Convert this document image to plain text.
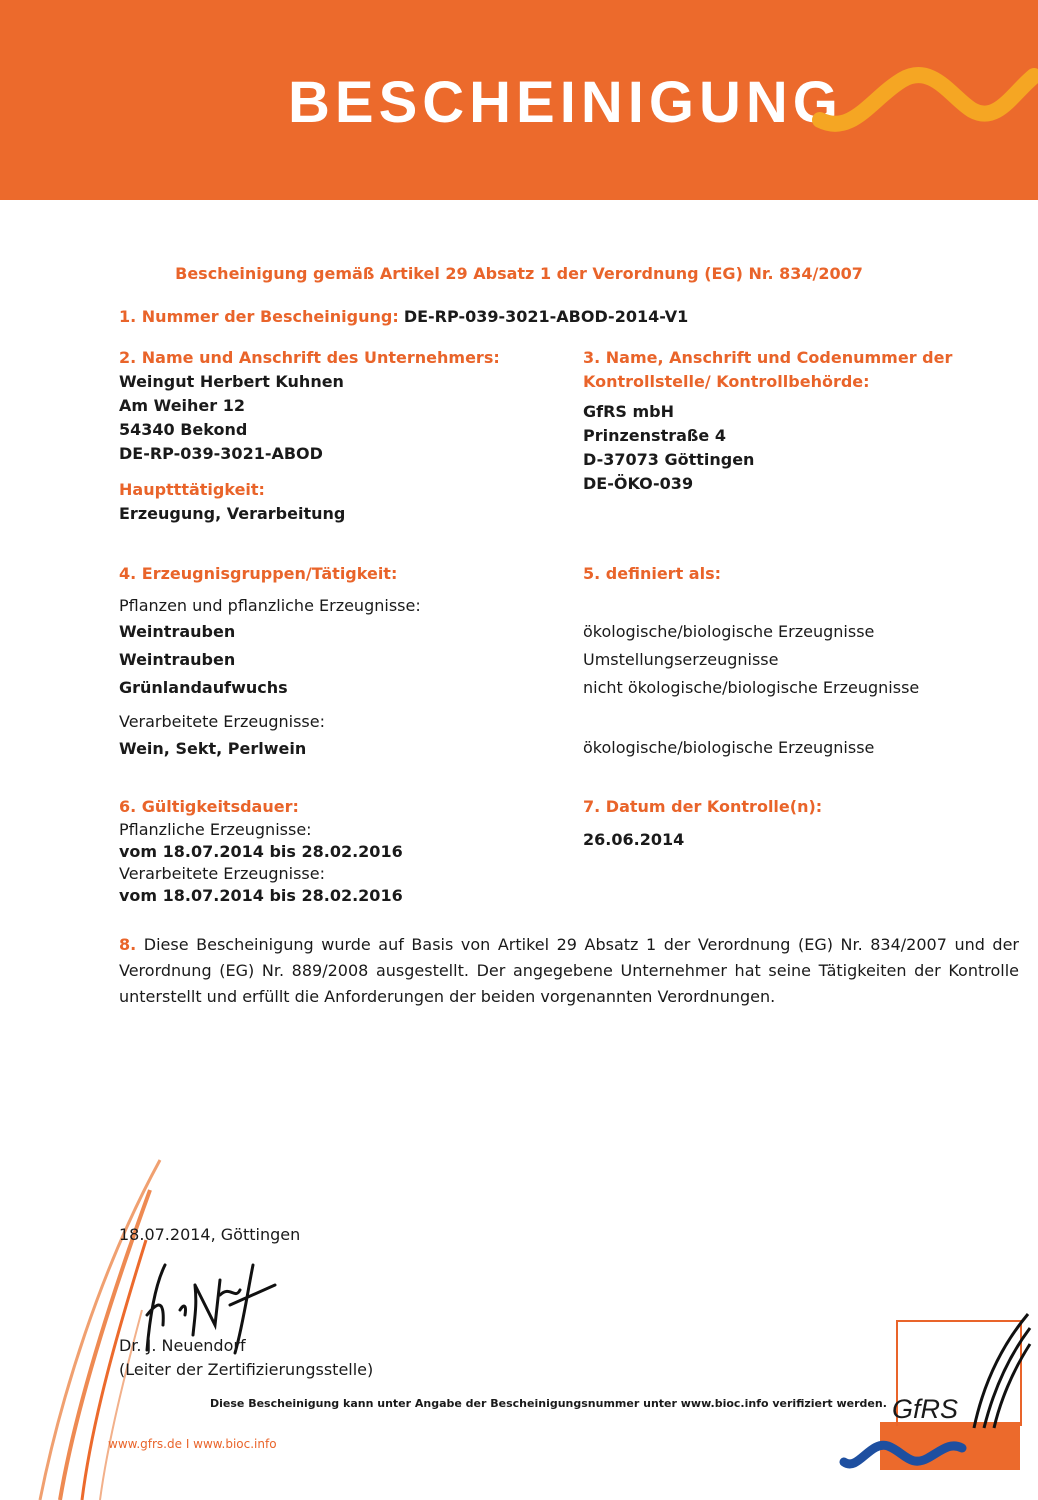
BESCHEINIGUNG
Bescheinigung gemäß Artikel 29 Absatz 1 der Verordnung (EG) Nr. 834/2007
1. Nummer der Bescheinigung: DE-RP-039-3021-ABOD-2014-V1
2. Name und Anschrift des Unternehmers:
Weingut Herbert Kuhnen
Am Weiher 12
54340 Bekond
DE-RP-039-3021-ABOD
Hauptttätigkeit:
Erzeugung, Verarbeitung
3. Name, Anschrift und Codenummer der
Kontrollstelle/ Kontrollbehörde:
GfRS mbH
Prinzenstraße 4
D-37073 Göttingen
DE-ÖKO-039
4. Erzeugnisgruppen/Tätigkeit:
Pflanzen und pflanzliche Erzeugnisse:
Weintrauben
Weintrauben
Grünlandaufwuchs
Verarbeitete Erzeugnisse:
Wein, Sekt, Perlwein
5. definiert als:
ökologische/biologische Erzeugnisse
Umstellungserzeugnisse
nicht ökologische/biologische Erzeugnisse
ökologische/biologische Erzeugnisse
6. Gültigkeitsdauer:
Pflanzliche Erzeugnisse:
vom 18.07.2014 bis 28.02.2016
Verarbeitete Erzeugnisse:
vom 18.07.2014 bis 28.02.2016
7. Datum der Kontrolle(n):
26.06.2014
8. Diese Bescheinigung wurde auf Basis von Artikel 29 Absatz 1 der Verordnung (EG) Nr. 834/2007 und der Verordnung (EG) Nr. 889/2008 ausgestellt. Der angegebene Unternehmer hat seine Tätigkeiten der Kontrolle unterstellt und erfüllt die Anforderungen der beiden vorgenannten Verordnungen.
18.07.2014, Göttingen
Dr. J. Neuendorf
(Leiter der Zertifizierungsstelle)
Diese Bescheinigung kann unter Angabe der Bescheinigungsnummer unter www.bioc.info verifiziert werden.
www.gfrs.de I www.bioc.info
GfRS
